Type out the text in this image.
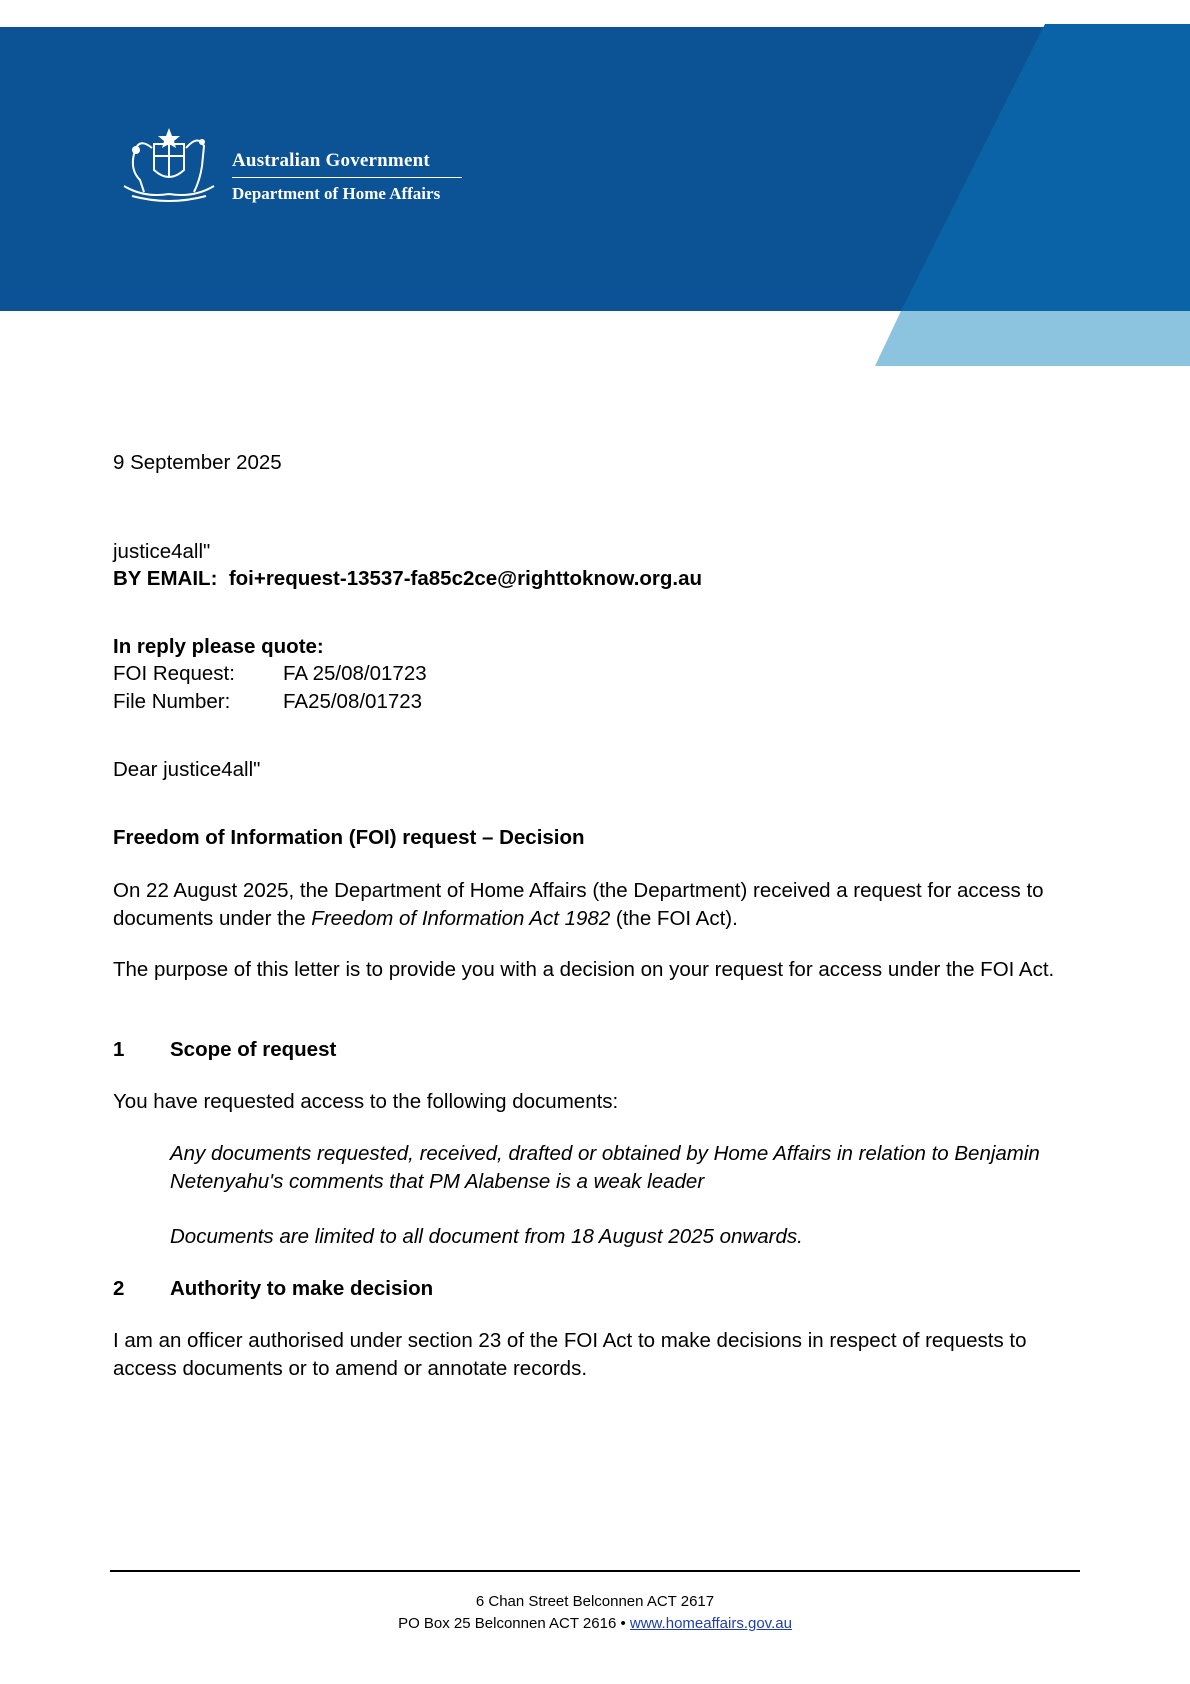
Australian Government
Department of Home Affairs
9 September 2025
justice4all"
BY EMAIL: foi+request-13537-fa85c2ce@righttoknow.org.au
In reply please quote:
FOI Request: FA 25/08/01723
File Number:	FA25/08/01723
Dear justice4all"
Freedom of Information (FOI) request – Decision
On 22 August 2025, the Department of Home Affairs (the Department) received a request for access to documents under the Freedom of Information Act 1982 (the FOI Act).
The purpose of this letter is to provide you with a decision on your request for access under the FOI Act.
1 Scope of request
You have requested access to the following documents:
Any documents requested, received, drafted or obtained by Home Affairs in relation to Benjamin Netenyahu's comments that PM Alabense is a weak leader
Documents are limited to all document from 18 August 2025 onwards.
2 Authority to make decision
I am an officer authorised under section 23 of the FOI Act to make decisions in respect of requests to access documents or to amend or annotate records.
6 Chan Street Belconnen ACT 2617
PO Box 25 Belconnen ACT 2616 • www.homeaffairs.gov.au
